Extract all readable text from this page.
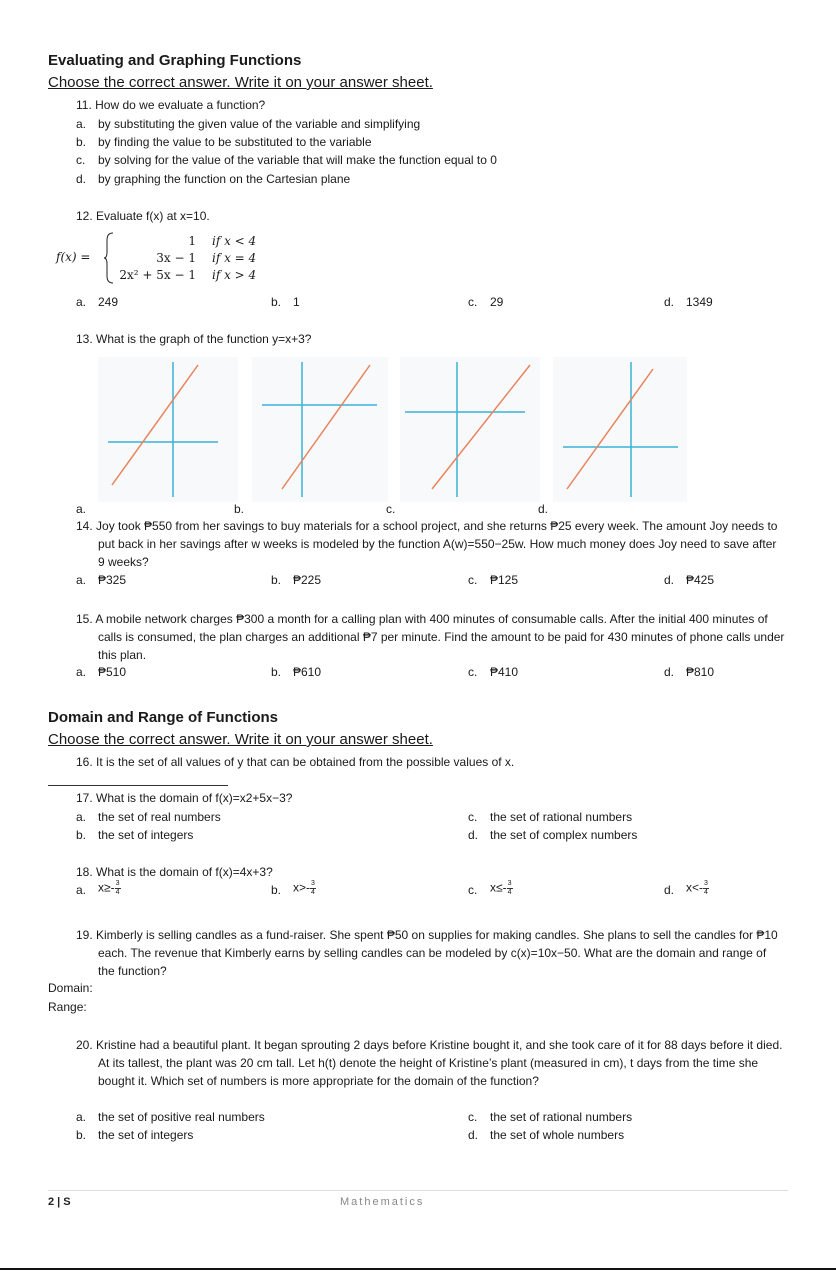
Evaluating and Graphing Functions
Choose the correct answer. Write it on your answer sheet.
11. How do we evaluate a function?
a. by substituting the given value of the variable and simplifying
b. by finding the value to be substituted to the variable
c. by solving for the value of the variable that will make the function equal to 0
d. by graphing the function on the Cartesian plane
12. Evaluate f(x) at x=10.
f(x) =
1 if x < 4
3x − 1 if x = 4
2x² + 5x − 1 if x > 4
a. 249	b. 1	c. 29	d. 1349
13. What is the graph of the function y=x+3?
a.	b.	c.	d.
14. Joy took ₱550 from her savings to buy materials for a school project, and she returns ₱25 every week. The amount Joy needs to put back in her savings after w weeks is modeled by the function A(w)=550−25w. How much money does Joy need to save after 9 weeks?
a. ₱325	b. ₱225	c. ₱125	d. ₱425
15. A mobile network charges ₱300 a month for a calling plan with 400 minutes of consumable calls. After the initial 400 minutes of calls is consumed, the plan charges an additional ₱7 per minute. Find the amount to be paid for 430 minutes of phone calls under this plan.
a. ₱510	b. ₱610	c. ₱410	d. ₱810
Domain and Range of Functions
Choose the correct answer. Write it on your answer sheet.
16. It is the set of all values of y that can be obtained from the possible values of x.
17. What is the domain of f(x)=x2+5x−3?
a. the set of real numbers
b. the set of integers
c. the set of rational numbers
d. the set of complex numbers
18. What is the domain of f(x)=4x+3?
a. $x\ge- \frac{3}{4}$	b. $x>- \frac{3}{4}$	c. $x\le- \frac{3}{4}$	d. $x<- \frac{3}{4}$
19. Kimberly is selling candles as a fund-raiser. She spent ₱50 on supplies for making candles. She plans to sell the candles for ₱10 each. The revenue that Kimberly earns by selling candles can be modeled by c(x)=10x−50. What are the domain and range of the function?
Domain:
Range:
20. Kristine had a beautiful plant. It began sprouting 2 days before Kristine bought it, and she took care of it for 88 days before it died. At its tallest, the plant was 20 cm tall. Let h(t) denote the height of Kristine’s plant (measured in cm), t days from the time she bought it. Which set of numbers is more appropriate for the domain of the function?
a. the set of positive real numbers
b. the set of integers
c. the set of rational numbers
d. the set of whole numbers
2 | S	Mathematics
